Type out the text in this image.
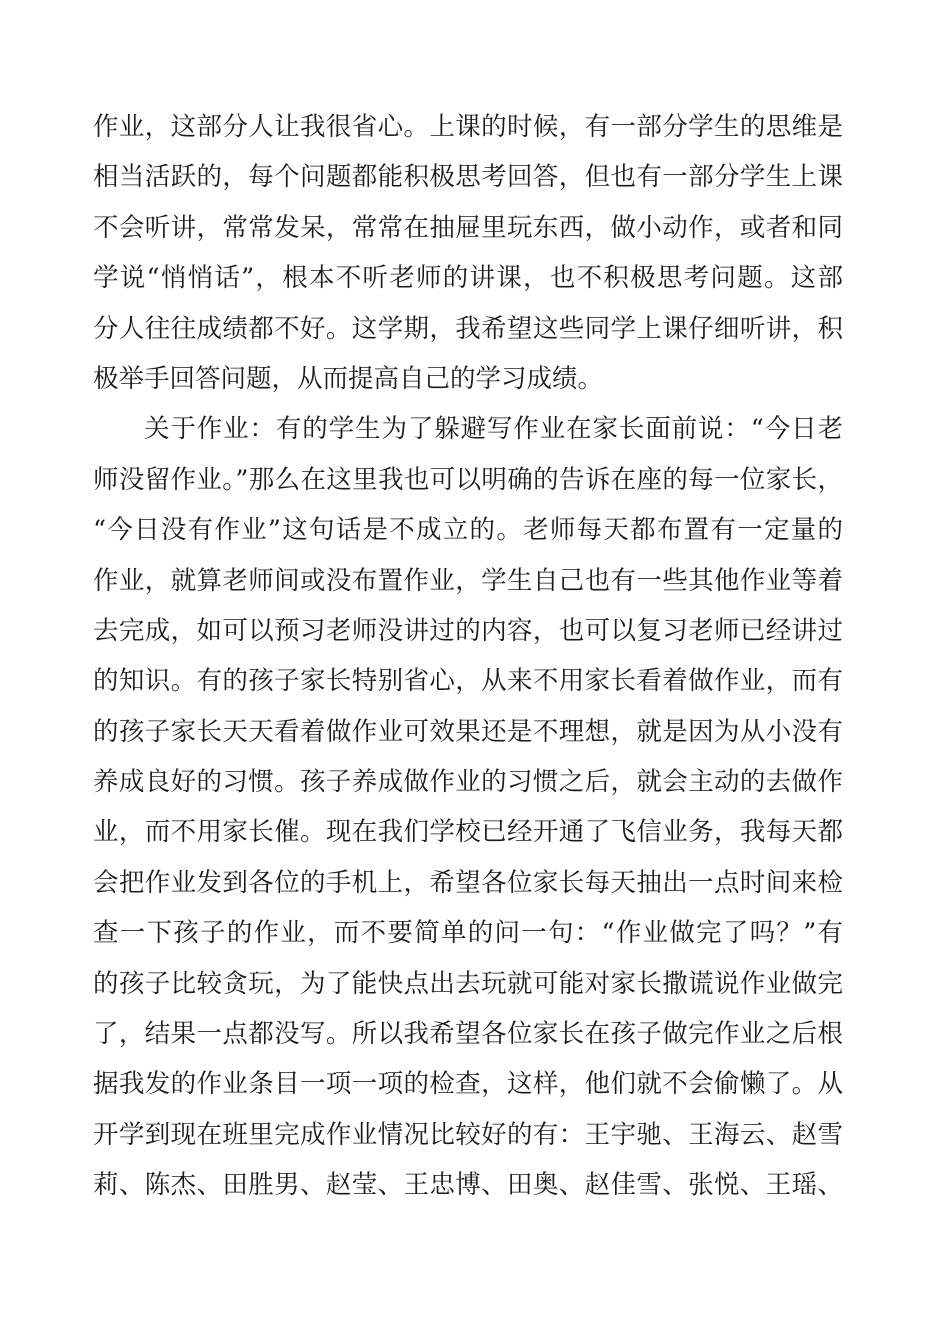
作业，这部分人让我很省心。上课的时候，有一部分学生的思维是
相当活跃的，每个问题都能积极思考回答，但也有一部分学生上课
不会听讲，常常发呆，常常在抽屉里玩东西，做小动作，或者和同
学说“悄悄话”，根本不听老师的讲课，也不积极思考问题。这部
分人往往成绩都不好。这学期，我希望这些同学上课仔细听讲，积
极举手回答问题，从而提高自己的学习成绩。
关于作业：有的学生为了躲避写作业在家长面前说：“今日老
师没留作业。”那么在这里我也可以明确的告诉在座的每一位家长，
“今日没有作业”这句话是不成立的。老师每天都布置有一定量的
作业，就算老师间或没布置作业，学生自己也有一些其他作业等着
去完成，如可以预习老师没讲过的内容，也可以复习老师已经讲过
的知识。有的孩子家长特别省心，从来不用家长看着做作业，而有
的孩子家长天天看着做作业可效果还是不理想，就是因为从小没有
养成良好的习惯。孩子养成做作业的习惯之后，就会主动的去做作
业，而不用家长催。现在我们学校已经开通了飞信业务，我每天都
会把作业发到各位的手机上，希望各位家长每天抽出一点时间来检
查一下孩子的作业，而不要简单的问一句：“作业做完了吗？”有
的孩子比较贪玩，为了能快点出去玩就可能对家长撒谎说作业做完
了，结果一点都没写。所以我希望各位家长在孩子做完作业之后根
据我发的作业条目一项一项的检查，这样，他们就不会偷懒了。从
开学到现在班里完成作业情况比较好的有：王宇驰、王海云、赵雪
莉、陈杰、田胜男、赵莹、王忠博、田奥、赵佳雪、张悦、王瑶、
